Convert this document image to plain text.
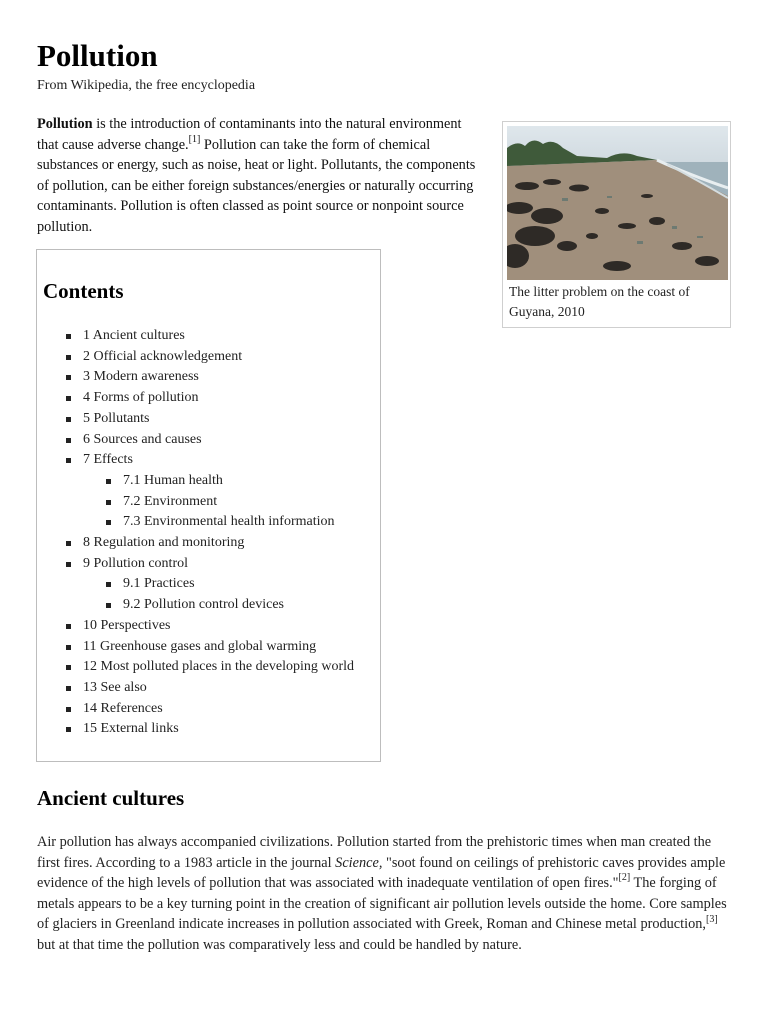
Pollution
From Wikipedia, the free encyclopedia

Pollution is the introduction of contaminants into the natural environment that cause adverse change.[1] Pollution can take the form of chemical substances or energy, such as noise, heat or light. Pollutants, the components of pollution, can be either foreign substances/energies or naturally occurring contaminants. Pollution is often classed as point source or nonpoint source pollution.

The litter problem on the coast of Guyana, 2010
Contents
1 Ancient cultures
2 Official acknowledgement
3 Modern awareness
4 Forms of pollution
5 Pollutants
6 Sources and causes
7 Effects
7.1 Human health
7.2 Environment
7.3 Environmental health information
8 Regulation and monitoring
9 Pollution control
9.1 Practices
9.2 Pollution control devices
10 Perspectives
11 Greenhouse gases and global warming
12 Most polluted places in the developing world
13 See also
14 References
15 External links
Ancient cultures

Air pollution has always accompanied civilizations. Pollution started from the prehistoric times when man created the first fires. According to a 1983 article in the journal Science, "soot found on ceilings of prehistoric caves provides ample evidence of the high levels of pollution that was associated with inadequate ventilation of open fires."[2] The forging of metals appears to be a key turning point in the creation of significant air pollution levels outside the home. Core samples of glaciers in Greenland indicate increases in pollution associated with Greek, Roman and Chinese metal production,[3] but at that time the pollution was comparatively less and could be handled by nature.
